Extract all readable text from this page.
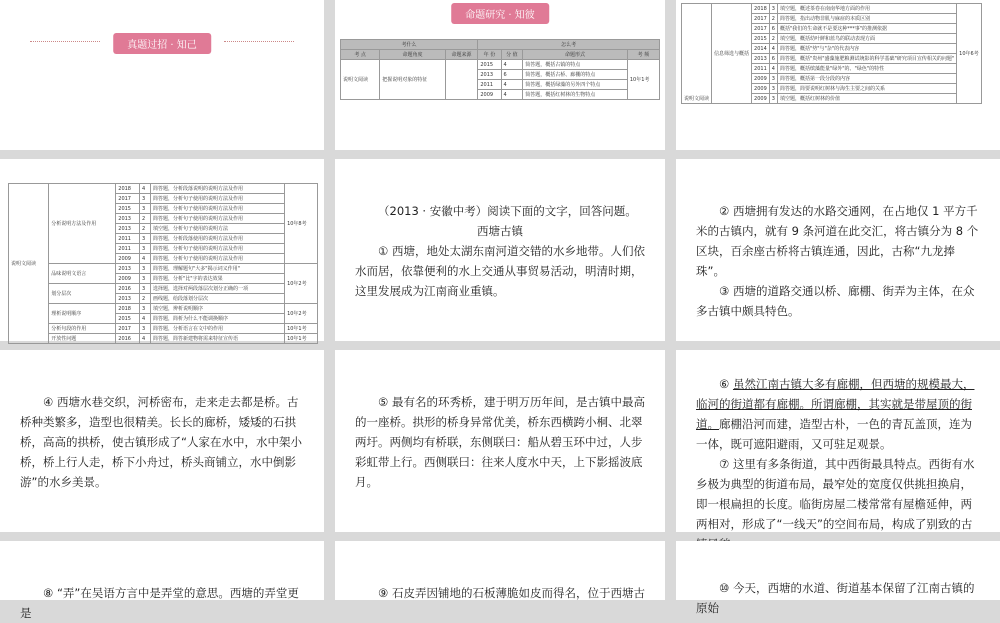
真题过招 · 知己
命题研究 · 知彼
考什么			怎么考			
考 点	命题角度	命题来源	年 份	分 值	命题形式	考 频
说明文阅读	把握说明对象的特征		2015	4	简答题，概括古镇的特点	10年1考
			2013	6	简答题，概括古桥、廊棚的特点	
			2011	4	简答题，概括绿藻的另外四个特点	
			2009	4	简答题，概括红树林的生物特点	
说明文阅读	信息筛选与概括	2018	3	填空题，概述茶卷在南南华地方面的作用	10年6考
		2017	2	简答题，指出动物非肌与麻症的本质区别	
		2017	6	概括"我们的生命就不是要这种***事"的推测依据	
		2015	2	填空题，概括幼叶鲜和蓝鸟的联动表现方面	
		2014	4	简答题，概括"势"与"杂"的代表内容	
		2013	6	简答题，概括"贵州"盛藻施肥粮测试统影的科学基础"研究项目宣传相关的问题"	
		2011	4	简答题，概括缤藻能量"绿外"的、"绿色"的特性	
		2009	3	简答题，概括第一段分段的内容	
		2009	3	简答题，简要说明红树林与海生主要之间的关系	
		2009	3	填空题，概括红树林的价值	
说明文阅读	分析说明方法及作用	2018	4	简答题，分析段落说明的说明方法及作用	10年8考
		2017	3	简答题，分析句子使用的说明方法及作用	
		2015	3	简答题，分析句子使用的说明方法及作用	
		2013	2	简答题，分析句子使用的说明方法及作用	
		2013	2	填空题，分析句子使用的说明方法	
		2011	3	简答题，分析段落使用的说明方法及作用	
		2011	3	简答题，分析句子使用的说明方法及作用	
		2009	4	简答题，分析句子使用的说明方法及作用	
	品味说明文语言	2013	3	简答题，理解题句"大多"揭示词义作用"	10年2考
		2009	3	简答题，分析"比"字的表达效果	
	划分层次	2016	3	选择题，选择对两段落层次划分正确的一项	
		2013	2	画线题，给段落划分层次	
	理析说明顺序	2018	3	填空题，辨析说明顺序	10年2考
		2015	4	简答题，简析为什么不能调换顺序	
	分析句段的作用	2017	3	简答题，分析语言在文中的作用	10年1考
	开放性问题	2016	4	简答题，简答新建物将需来特征宣传语	10年1考

（2013 · 安徽中考）阅读下面的文字，回答问题。

西塘古镇

① 西塘，地处太湖东南河道交错的水乡地带。人们依水而居，依靠便利的水上交通从事贸易活动，明清时期，这里发展成为江南商业重镇。

② 西塘拥有发达的水路交通网，在占地仅 1 平方千米的古镇内，就有 9 条河道在此交汇，将古镇分为 8 个区块，百余座古桥将古镇连通，因此，古称“九龙捧珠”。

③ 西塘的道路交通以桥、廊棚、街弄为主体，在众多古镇中颇具特色。

④ 西塘水巷交织，河桥密布，走来走去都是桥。古桥种类繁多，造型也很精美。长长的廊桥，矮矮的石拱桥，高高的拱桥，使古镇形成了“人家在水中，水中架小桥，桥上行人走，桥下小舟过，桥头商铺立，水中倒影游”的水乡美景。

⑤ 最有名的环秀桥，建于明万历年间，是古镇中最高的一座桥。拱形的桥身异常优美，桥东西横跨小桐、北翠两圩。两侧均有桥联，东侧联曰：船从碧玉环中过，人步彩虹带上行。西侧联曰：往来人度水中天，上下影摇波底月。

⑥ 虽然江南古镇大多有廊棚，但西塘的规模最大，临河的街道都有廊棚。所谓廊棚，其实就是带屋顶的街道。廊棚沿河而建，造型古朴，一色的青瓦盖顶，连为一体，既可遮阳避雨，又可驻足观景。

⑦ 这里有多条街道，其中西街最具特点。西街有水乡极为典型的街道布局，最窄处的宽度仅供挑担换肩，即一根扁担的长度。临街房屋二楼常常有屋檐延伸，两两相对，形成了“一线天”的空间布局，构成了别致的古

⑧ “弄”在吴语方言中是弄堂的意思。西塘的弄堂更是

⑨ 石皮弄因铺地的石板薄脆如皮而得名，位于西塘古	⑩ 今天，西塘的水道、街道基本保留了江南古镇的原始
